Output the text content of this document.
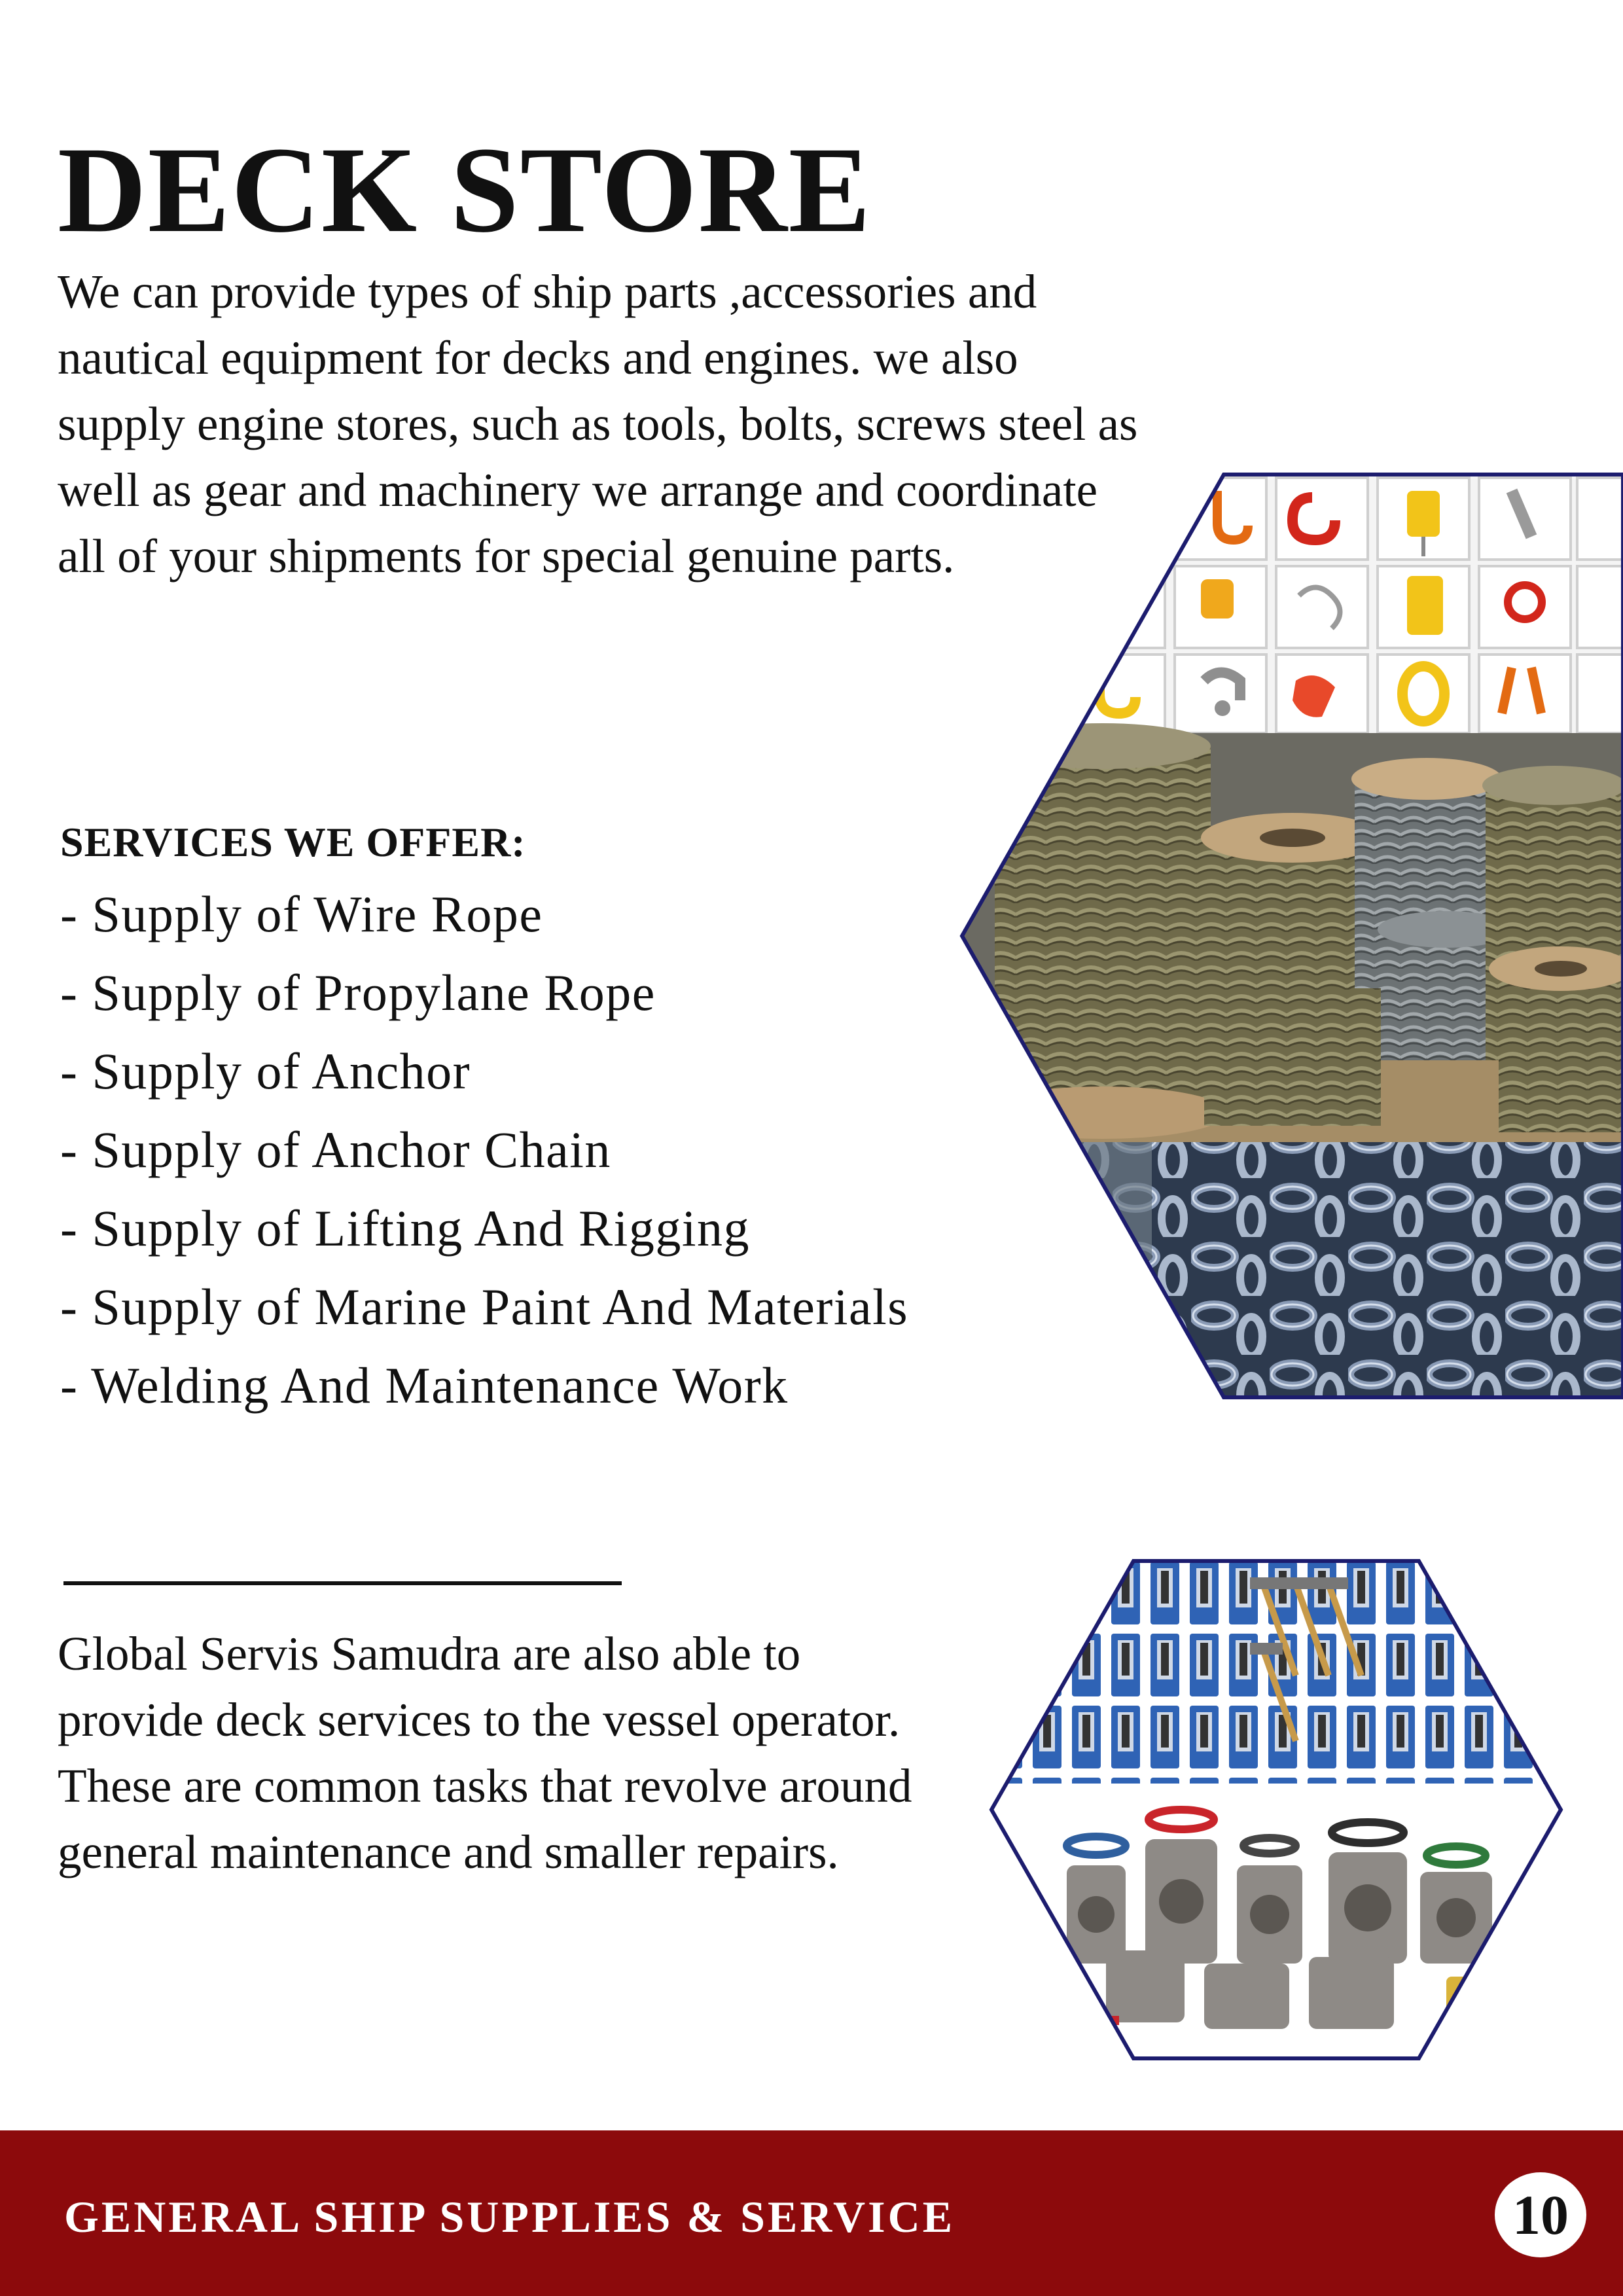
DECK STORE

We can provide types of ship parts ,accessories and nautical equipment for decks and engines. we also supply engine stores, such as tools, bolts, screws steel as well as gear and machinery we arrange and coordinate all of your shipments for special genuine parts.

SERVICES WE OFFER:
- Supply of Wire Rope
- Supply of Propylane Rope
- Supply of Anchor
- Supply of Anchor Chain
- Supply of Lifting And Rigging
- Supply of Marine Paint And Materials
- Welding And Maintenance Work

Global Servis Samudra are also able to provide deck services to the vessel operator. These are common tasks that revolve around general maintenance and smaller repairs.

GENERAL SHIP SUPPLIES & SERVICE	10
